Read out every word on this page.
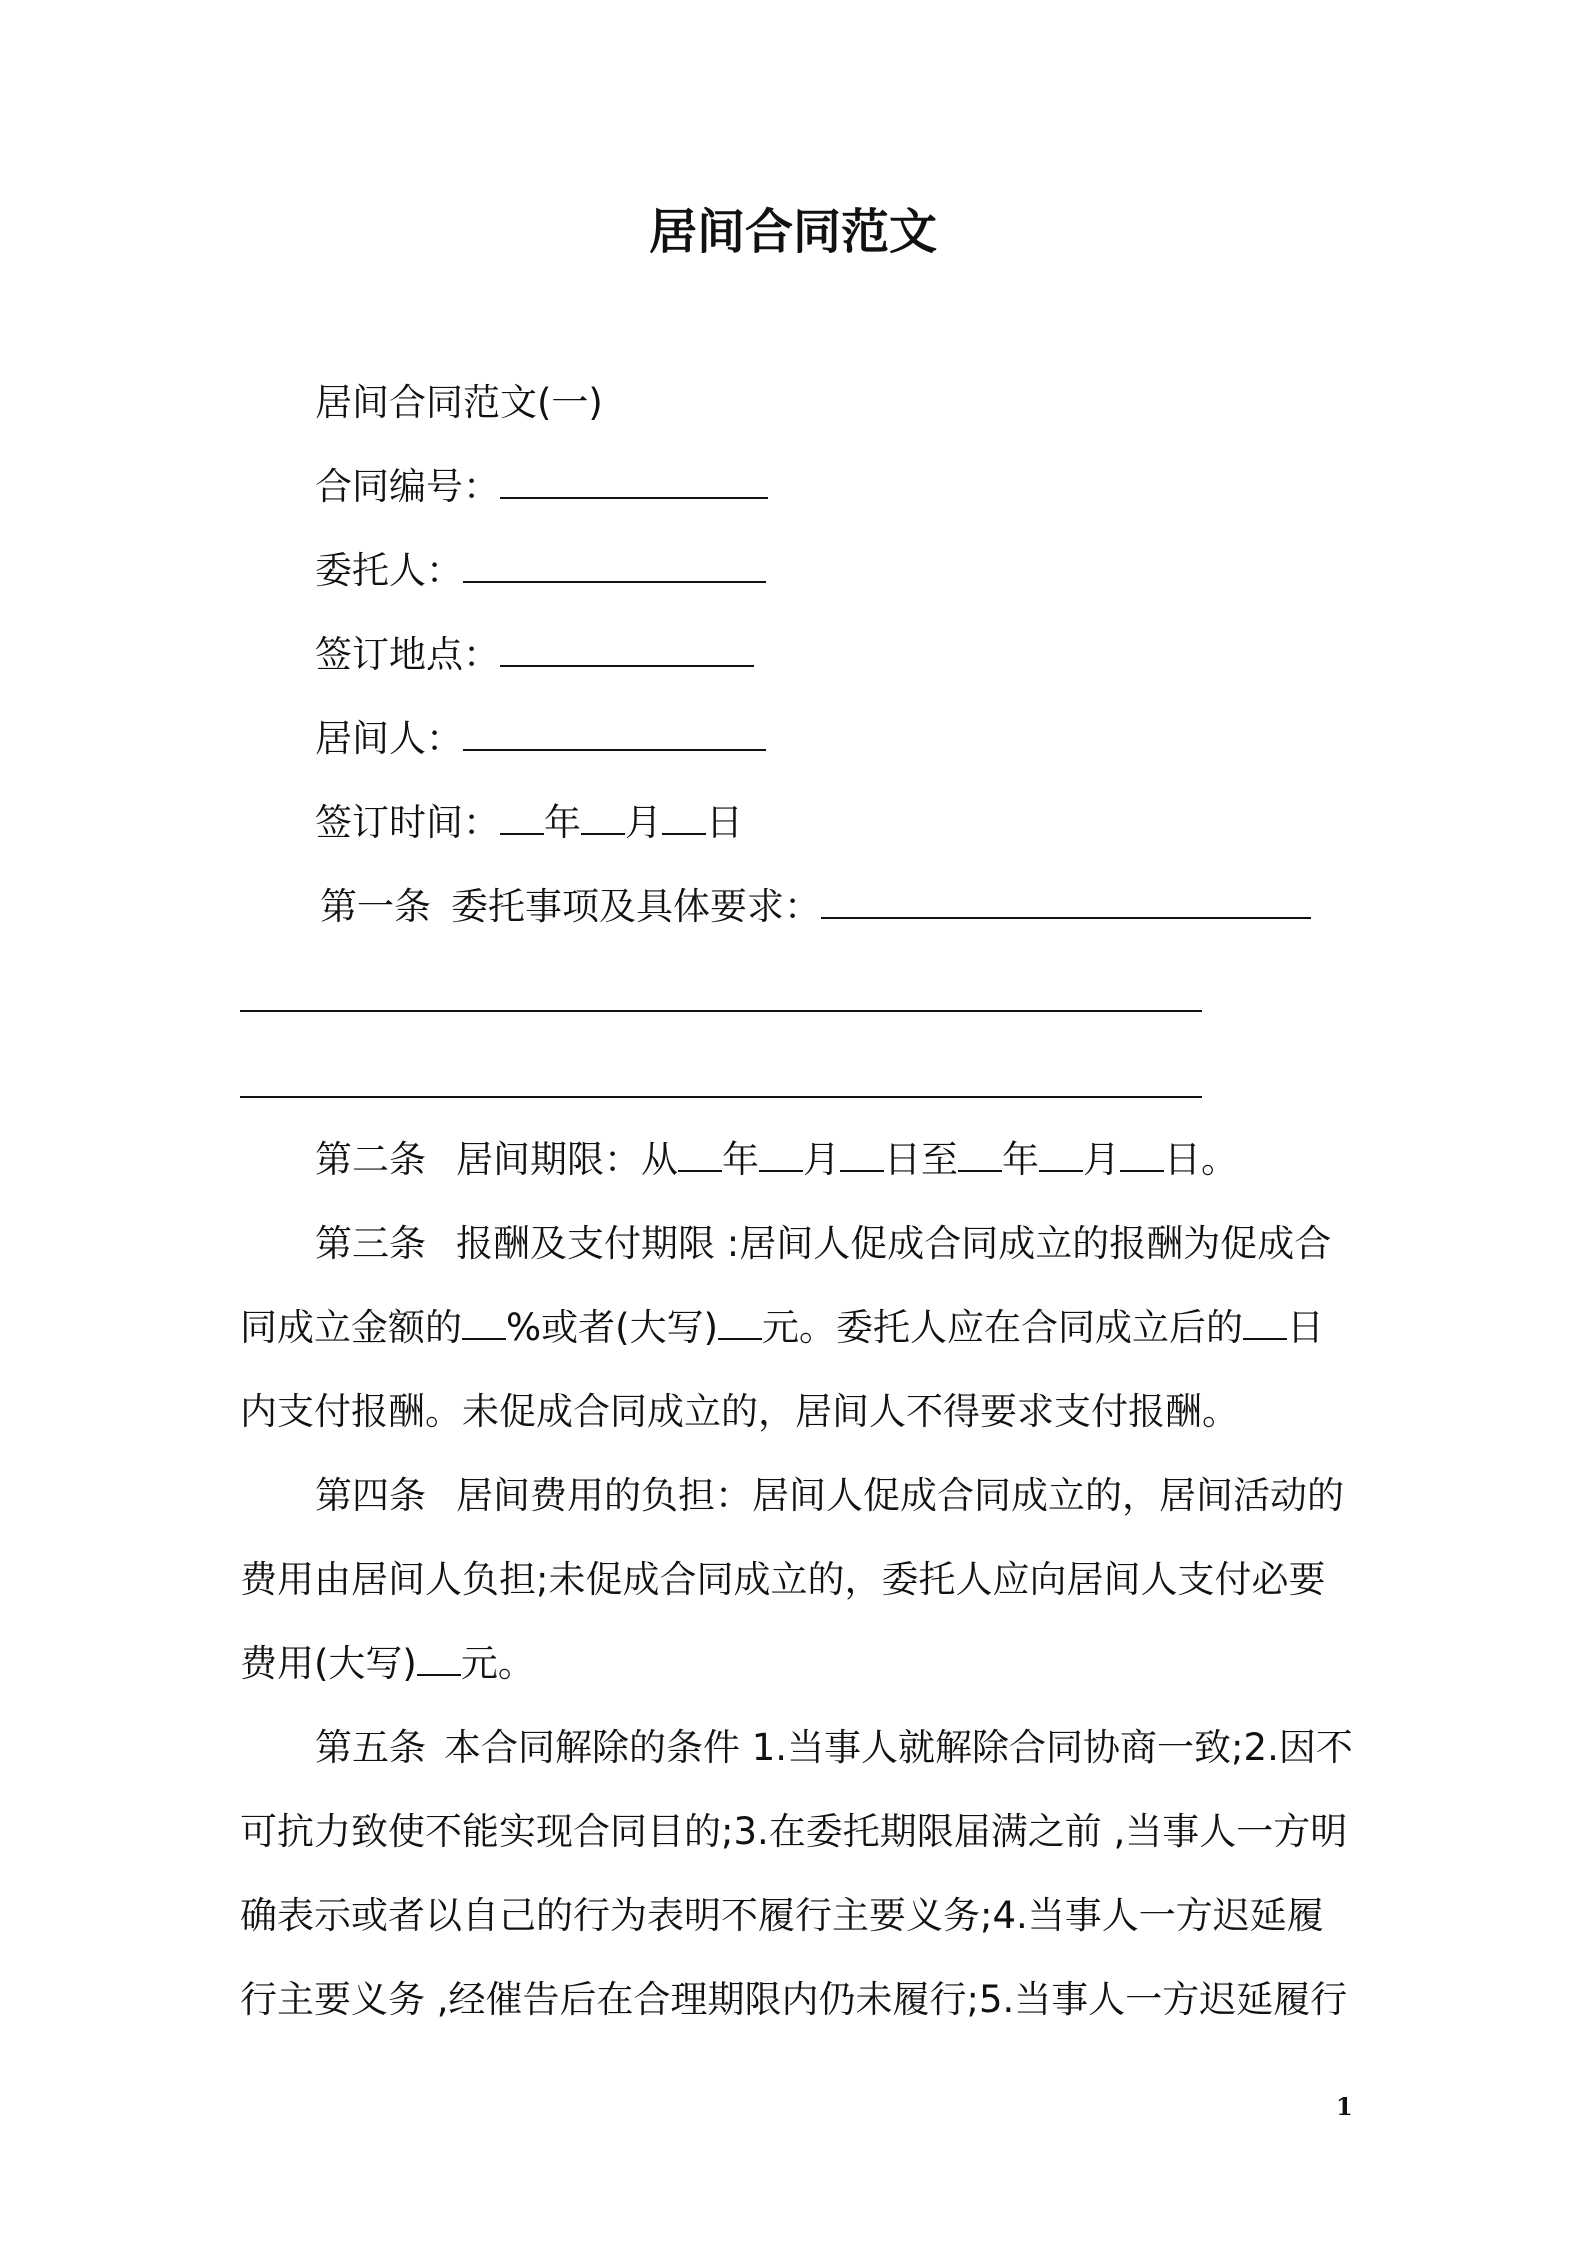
居间合同范文
居间合同范文(一)
合同编号：
委托人：
签订地点：
居间人：
签订时间： 年 月 日
第一条 委托事项及具体要求：
第二条 居间期限：从 年 月 日至 年 月 日。
第三条 报酬及支付期限 :居间人促成合同成立的报酬为促成合
同成立金额的 %或者(大写) 元。委托人应在合同成立后的 日
内支付报酬。未促成合同成立的，居间人不得要求支付报酬。
第四条 居间费用的负担：居间人促成合同成立的，居间活动的
费用由居间人负担;未促成合同成立的，委托人应向居间人支付必要
费用(大写) 元。
第五条 本合同解除的条件 1.当事人就解除合同协商一致;2.因不
可抗力致使不能实现合同目的;3.在委托期限届满之前 ,当事人一方明
确表示或者以自己的行为表明不履行主要义务;4.当事人一方迟延履
行主要义务 ,经催告后在合理期限内仍未履行;5.当事人一方迟延履行
1
